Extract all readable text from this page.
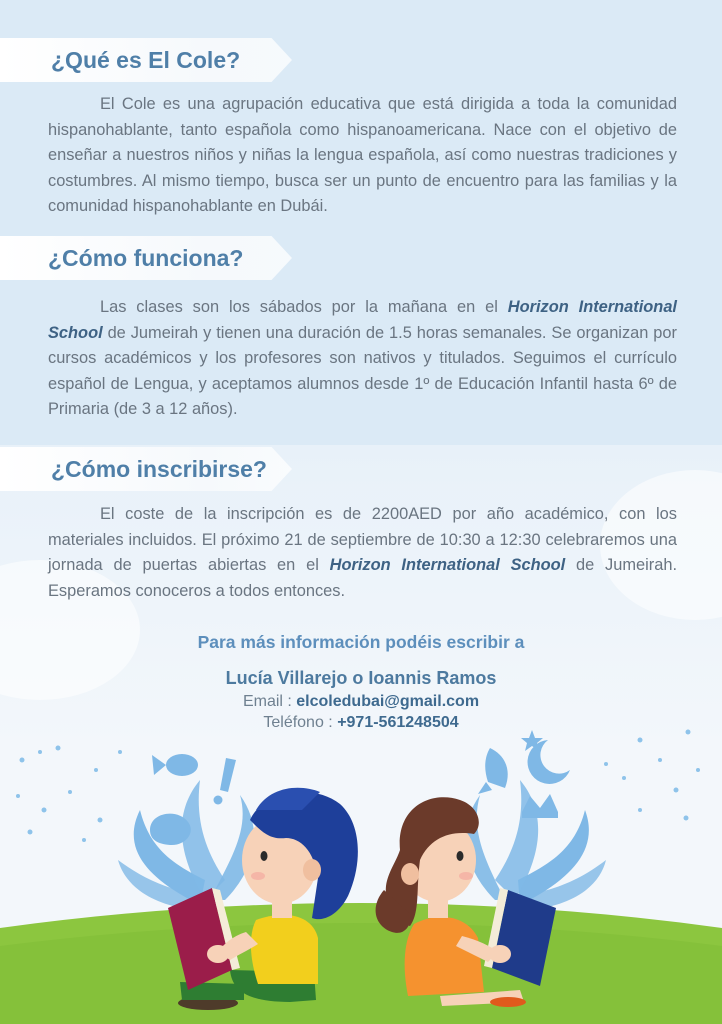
¿Qué es El Cole?

El Cole es una agrupación educativa que está dirigida a toda la comunidad hispanohablante, tanto española como hispanoamericana. Nace con el objetivo de enseñar a nuestros niños y niñas la lengua española, así como nuestras tradiciones y costumbres. Al mismo tiempo, busca ser un punto de encuentro para las familias y la comunidad hispanohablante en Dubái.

¿Cómo funciona?

Las clases son los sábados por la mañana en el Horizon International School de Jumeirah y tienen una duración de 1.5 horas semanales. Se organizan por cursos académicos y los profesores son nativos y titulados. Seguimos el currículo español de Lengua, y aceptamos alumnos desde 1º de Educación Infantil hasta 6º de Primaria (de 3 a 12 años).

¿Cómo inscribirse?

El coste de la inscripción es de 2200AED por año académico, con los materiales incluidos. El próximo 21 de septiembre de 10:30 a 12:30 celebraremos una jornada de puertas abiertas en el Horizon International School de Jumeirah. Esperamos conoceros a todos entonces.

Para más información podéis escribir a
Lucía Villarejo o Ioannis Ramos
Email : elcoledubai@gmail.com
Teléfono : +971-561248504
